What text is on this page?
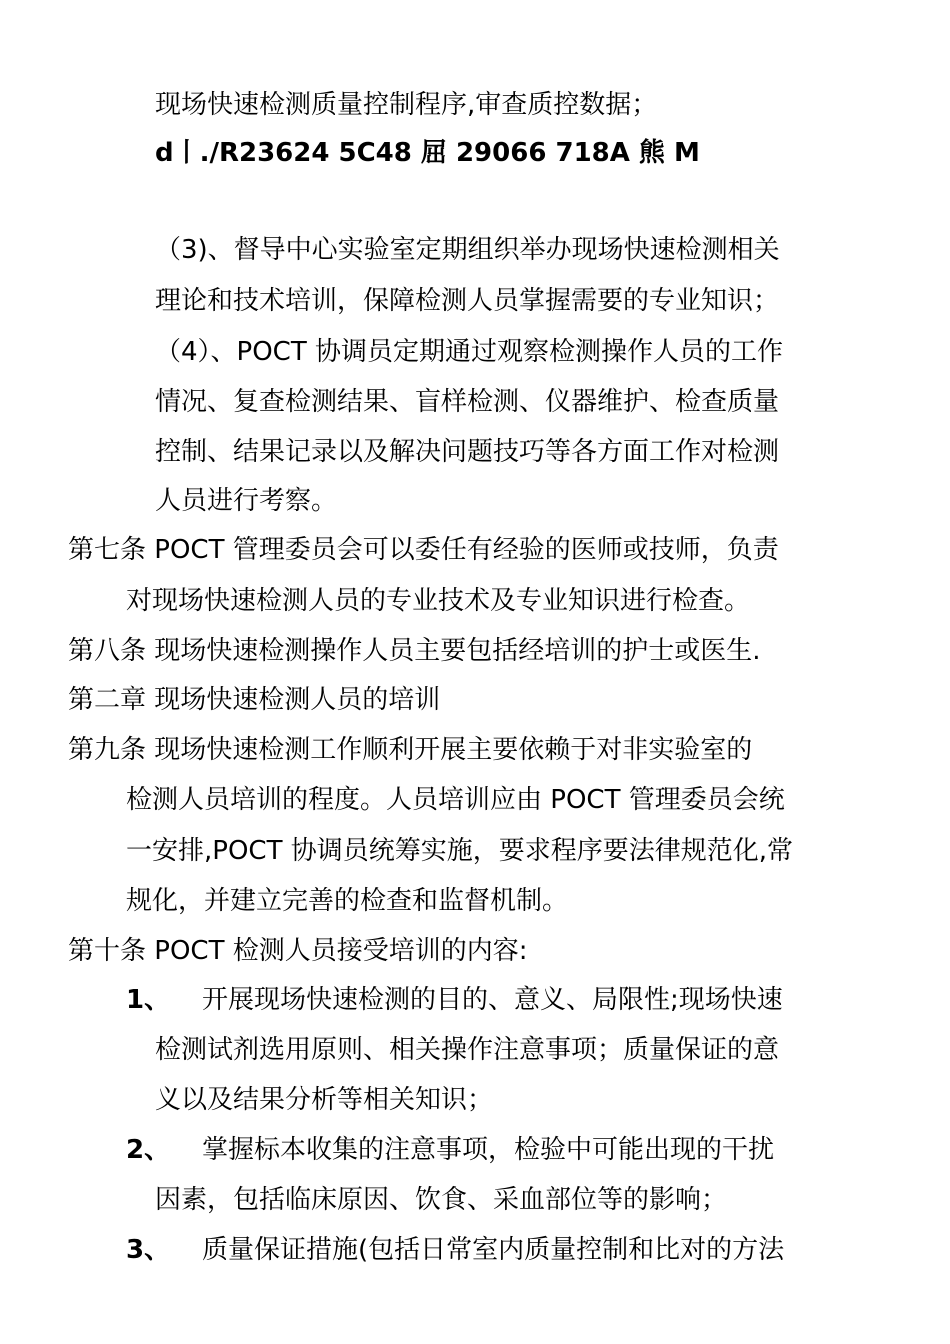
现场快速检测质量控制程序,审查质控数据；

d丨./R23624 5C48 屈 29066 718A 熊 M

（3)、督导中心实验室定期组织举办现场快速检测相关

理论和技术培训，保障检测人员掌握需要的专业知识；

（4）、POCT 协调员定期通过观察检测操作人员的工作

情况、复查检测结果、盲样检测、仪器维护、检查质量

控制、结果记录以及解决问题技巧等各方面工作对检测

人员进行考察。

第七条 POCT 管理委员会可以委任有经验的医师或技师，负责

对现场快速检测人员的专业技术及专业知识进行检查。

第八条 现场快速检测操作人员主要包括经培训的护士或医生.

第二章 现场快速检测人员的培训

第九条 现场快速检测工作顺利开展主要依赖于对非实验室的

检测人员培训的程度。人员培训应由 POCT 管理委员会统

一安排,POCT 协调员统筹实施，要求程序要法律规范化,常

规化，并建立完善的检查和监督机制。

第十条 POCT 检测人员接受培训的内容:

1、 开展现场快速检测的目的、意义、局限性;现场快速

检测试剂选用原则、相关操作注意事项；质量保证的意

义以及结果分析等相关知识；

2、 掌握标本收集的注意事项，检验中可能出现的干扰

因素，包括临床原因、饮食、采血部位等的影响；

3、 质量保证措施(包括日常室内质量控制和比对的方法
